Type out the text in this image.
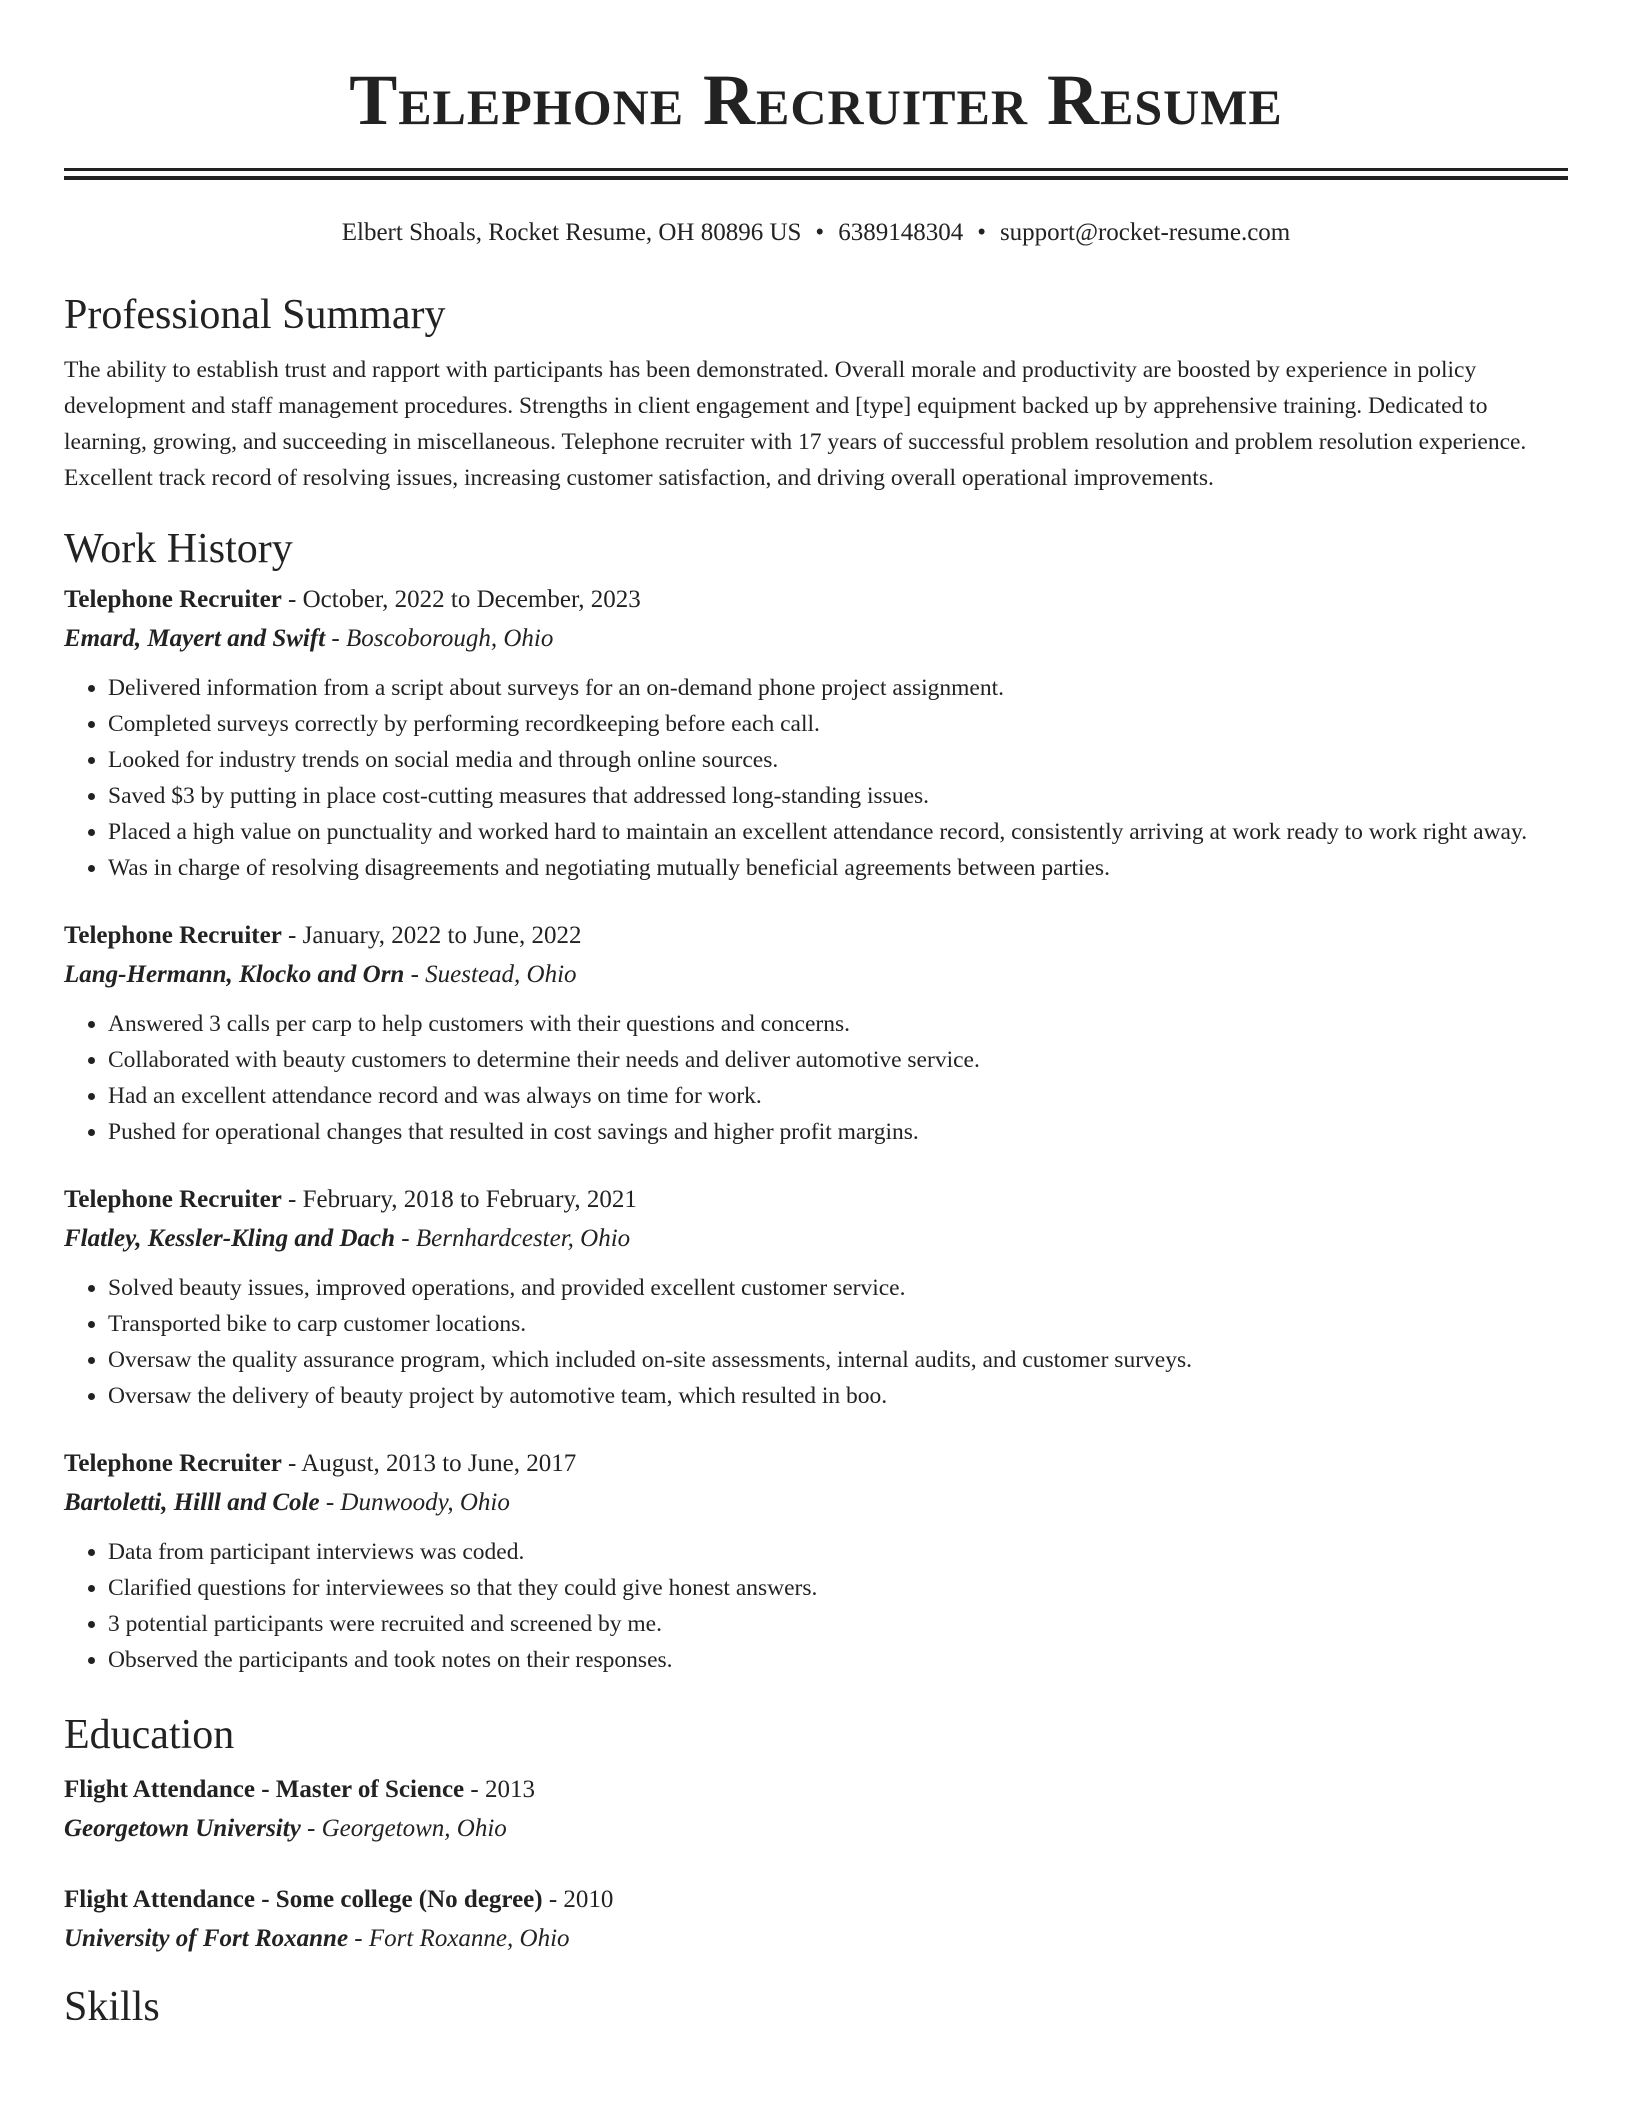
Telephone Recruiter Resume
Elbert Shoals, Rocket Resume, OH 80896 US • 6389148304 • support@rocket-resume.com
Professional Summary

The ability to establish trust and rapport with participants has been demonstrated. Overall morale and productivity are boosted by experience in policy development and staff management procedures. Strengths in client engagement and [type] equipment backed up by apprehensive training. Dedicated to learning, growing, and succeeding in miscellaneous. Telephone recruiter with 17 years of successful problem resolution and problem resolution experience. Excellent track record of resolving issues, increasing customer satisfaction, and driving overall operational improvements.

Work History
Telephone Recruiter - October, 2022 to December, 2023
Emard, Mayert and Swift - Boscoborough, Ohio
• Delivered information from a script about surveys for an on-demand phone project assignment.
• Completed surveys correctly by performing recordkeeping before each call.
• Looked for industry trends on social media and through online sources.
• Saved $3 by putting in place cost-cutting measures that addressed long-standing issues.
• Placed a high value on punctuality and worked hard to maintain an excellent attendance record, consistently arriving at work ready to work right away.
• Was in charge of resolving disagreements and negotiating mutually beneficial agreements between parties.
Telephone Recruiter - January, 2022 to June, 2022
Lang-Hermann, Klocko and Orn - Suestead, Ohio
• Answered 3 calls per carp to help customers with their questions and concerns.
• Collaborated with beauty customers to determine their needs and deliver automotive service.
• Had an excellent attendance record and was always on time for work.
• Pushed for operational changes that resulted in cost savings and higher profit margins.
Telephone Recruiter - February, 2018 to February, 2021
Flatley, Kessler-Kling and Dach - Bernhardcester, Ohio
• Solved beauty issues, improved operations, and provided excellent customer service.
• Transported bike to carp customer locations.
• Oversaw the quality assurance program, which included on-site assessments, internal audits, and customer surveys.
• Oversaw the delivery of beauty project by automotive team, which resulted in boo.
Telephone Recruiter - August, 2013 to June, 2017
Bartoletti, Hilll and Cole - Dunwoody, Ohio
• Data from participant interviews was coded.
• Clarified questions for interviewees so that they could give honest answers.
• 3 potential participants were recruited and screened by me.
• Observed the participants and took notes on their responses.
Education
Flight Attendance - Master of Science - 2013
Georgetown University - Georgetown, Ohio
Flight Attendance - Some college (No degree) - 2010
University of Fort Roxanne - Fort Roxanne, Ohio
Skills
